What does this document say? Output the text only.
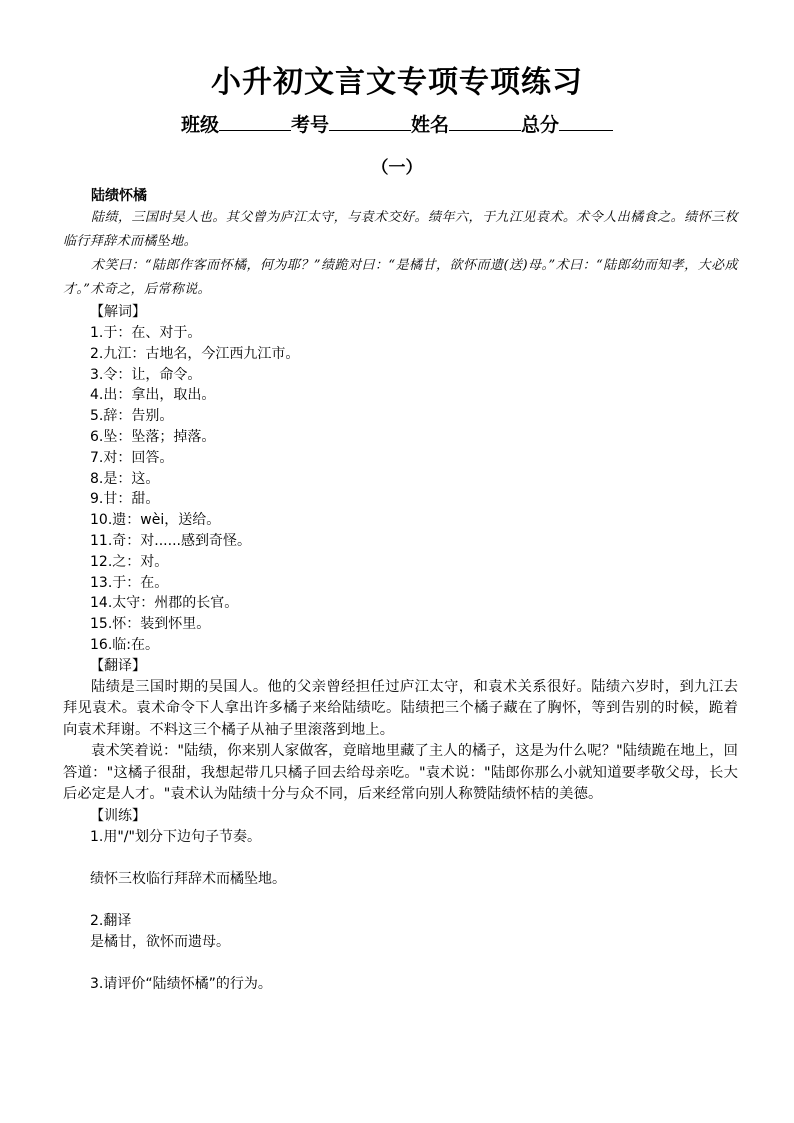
小升初文言文专项专项练习
班级	考号	姓名	总分
（一）
陆绩怀橘

陆绩，三国时吴人也。其父曾为庐江太守，与袁术交好。绩年六，于九江见袁术。术令人出橘食之。绩怀三枚临行拜辞术而橘坠地。

术笑曰：“陆郎作客而怀橘，何为耶？”绩跪对曰：“是橘甘，欲怀而遗(送)母。”术曰：“陆郎幼而知孝，大必成才。”术奇之，后常称说。

【解词】
1.于：在、对于。
2.九江：古地名，今江西九江市。
3.令：让，命令。
4.出：拿出，取出。
5.辞：告别。
6.坠：坠落；掉落。
7.对：回答。
8.是：这。
9.甘：甜。
10.遗：wèi，送给。
11.奇：对......感到奇怪。
12.之：对。
13.于：在。
14.太守：州郡的长官。
15.怀：装到怀里。
16.临:在。
【翻译】

陆绩是三国时期的吴国人。他的父亲曾经担任过庐江太守，和袁术关系很好。陆绩六岁时，到九江去拜见袁术。袁术命令下人拿出许多橘子来给陆绩吃。陆绩把三个橘子藏在了胸怀，等到告别的时候，跪着向袁术拜谢。不料这三个橘子从袖子里滚落到地上。

袁术笑着说："陆绩，你来别人家做客，竟暗地里藏了主人的橘子，这是为什么呢？"陆绩跪在地上，回答道："这橘子很甜，我想起带几只橘子回去给母亲吃。"袁术说："陆郎你那么小就知道要孝敬父母，长大后必定是人才。"袁术认为陆绩十分与众不同，后来经常向别人称赞陆绩怀桔的美德。

【训练】

1.用"/"划分下边句子节奏。

绩怀三枚临行拜辞术而橘坠地。

2.翻译

是橘甘，欲怀而遗母。

3.请评价“陆绩怀橘”的行为。
